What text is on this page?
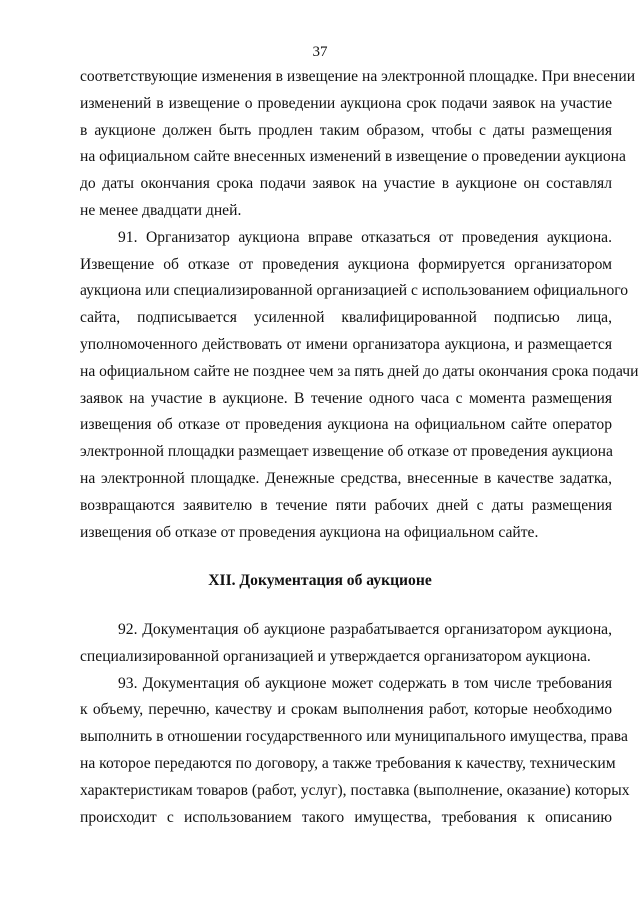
37
соответствующие изменения в извещение на электронной площадке. При внесении
изменений в извещение о проведении аукциона срок подачи заявок на участие
в аукционе должен быть продлен таким образом, чтобы с даты размещения
на официальном сайте внесенных изменений в извещение о проведении аукциона
до даты окончания срока подачи заявок на участие в аукционе он составлял
не менее двадцати дней.
91. Организатор аукциона вправе отказаться от проведения аукциона.
Извещение об отказе от проведения аукциона формируется организатором
аукциона или специализированной организацией с использованием официального
сайта, подписывается усиленной квалифицированной подписью лица,
уполномоченного действовать от имени организатора аукциона, и размещается
на официальном сайте не позднее чем за пять дней до даты окончания срока подачи
заявок на участие в аукционе. В течение одного часа с момента размещения
извещения об отказе от проведения аукциона на официальном сайте оператор
электронной площадки размещает извещение об отказе от проведения аукциона
на электронной площадке. Денежные средства, внесенные в качестве задатка,
возвращаются заявителю в течение пяти рабочих дней с даты размещения
извещения об отказе от проведения аукциона на официальном сайте.
XII. Документация об аукционе
92. Документация об аукционе разрабатывается организатором аукциона,
специализированной организацией и утверждается организатором аукциона.
93. Документация об аукционе может содержать в том числе требования
к объему, перечню, качеству и срокам выполнения работ, которые необходимо
выполнить в отношении государственного или муниципального имущества, права
на которое передаются по договору, а также требования к качеству, техническим
характеристикам товаров (работ, услуг), поставка (выполнение, оказание) которых
происходит с использованием такого имущества, требования к описанию
